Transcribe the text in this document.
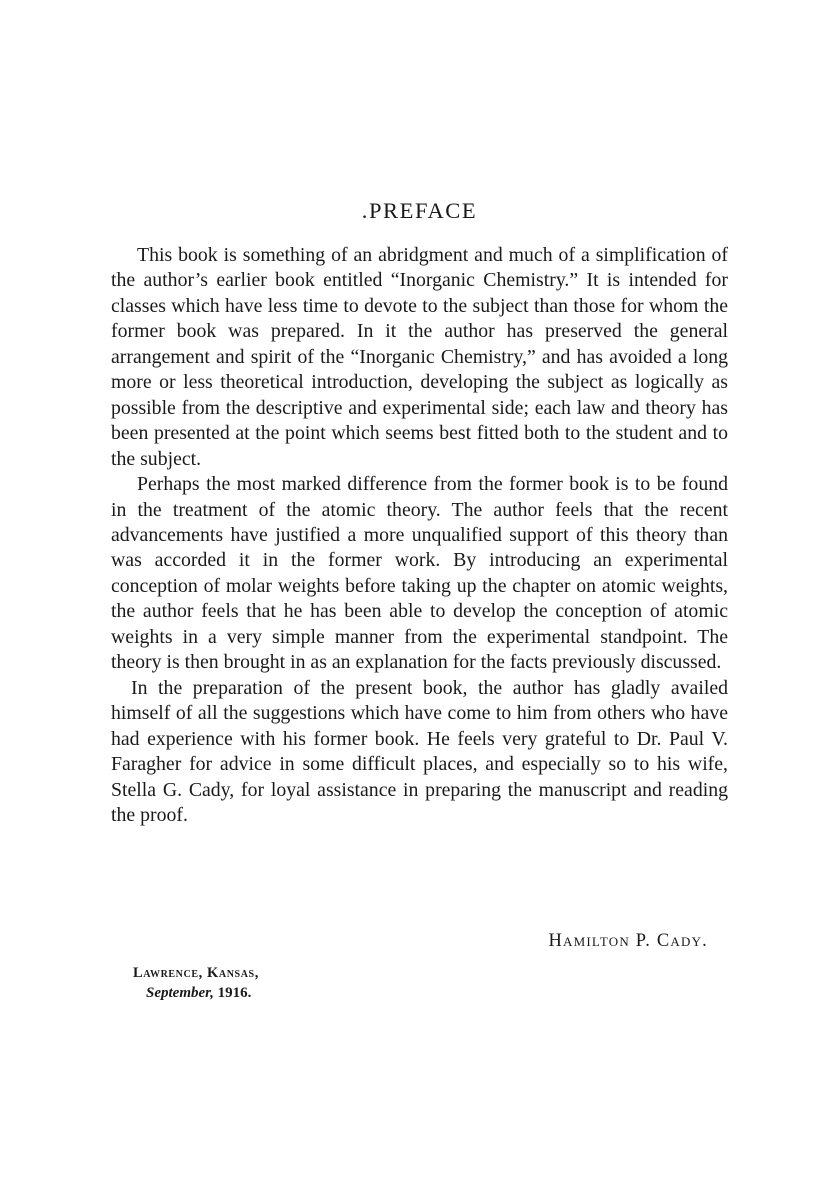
.PREFACE

This book is something of an abridgment and much of a simplification of the author’s earlier book entitled “Inorganic Chemistry.” It is intended for classes which have less time to devote to the subject than those for whom the former book was prepared. In it the author has preserved the general arrangement and spirit of the “Inorganic Chemistry,” and has avoided a long more or less theoretical introduction, developing the subject as logically as possible from the descriptive and experimental side; each law and theory has been presented at the point which seems best fitted both to the student and to the subject.

Perhaps the most marked difference from the former book is to be found in the treatment of the atomic theory. The author feels that the recent advancements have justified a more unqualified support of this theory than was accorded it in the former work. By introducing an experimental conception of molar weights before taking up the chapter on atomic weights, the author feels that he has been able to develop the conception of atomic weights in a very simple manner from the experimental standpoint. The theory is then brought in as an explanation for the facts previously discussed.

In the preparation of the present book, the author has gladly availed himself of all the suggestions which have come to him from others who have had experience with his former book. He feels very grateful to Dr. Paul V. Faragher for advice in some difficult places, and especially so to his wife, Stella G. Cady, for loyal assistance in preparing the manuscript and reading the proof.

Hamilton P. Cady.
Lawrence, Kansas,
September, 1916.
